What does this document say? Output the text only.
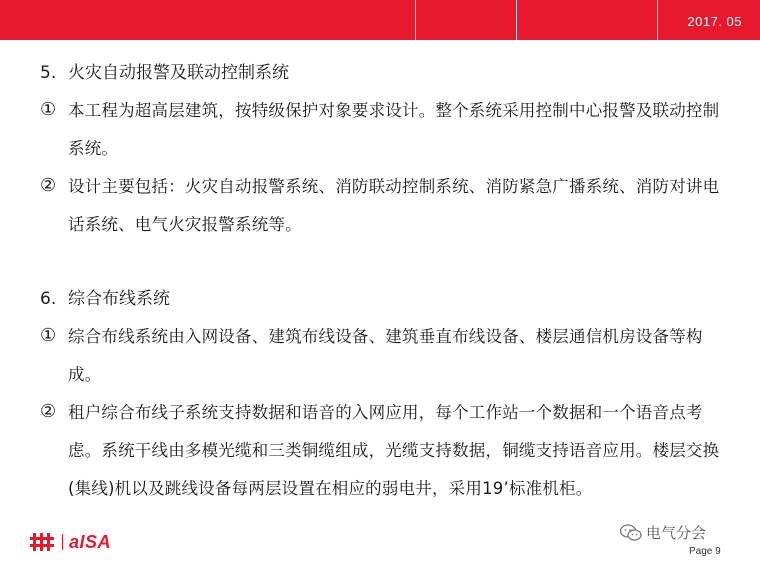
2017. 05
5. 火灾自动报警及联动控制系统
① 本工程为超高层建筑，按特级保护对象要求设计。整个系统采用控制中心报警及联动控制系统。
② 设计主要包括：火灾自动报警系统、消防联动控制系统、消防紧急广播系统、消防对讲电话系统、电气火灾报警系统等。
6. 综合布线系统
① 综合布线系统由入网设备、建筑布线设备、建筑垂直布线设备、楼层通信机房设备等构成。
② 租户综合布线子系统支持数据和语音的入网应用，每个工作站一个数据和一个语音点考虑。系统干线由多模光缆和三类铜缆组成，光缆支持数据，铜缆支持语音应用。楼层交换(集线)机以及跳线设备每两层设置在相应的弱电井，采用19’标准机柜。
aISA	电气分会
Page 9
